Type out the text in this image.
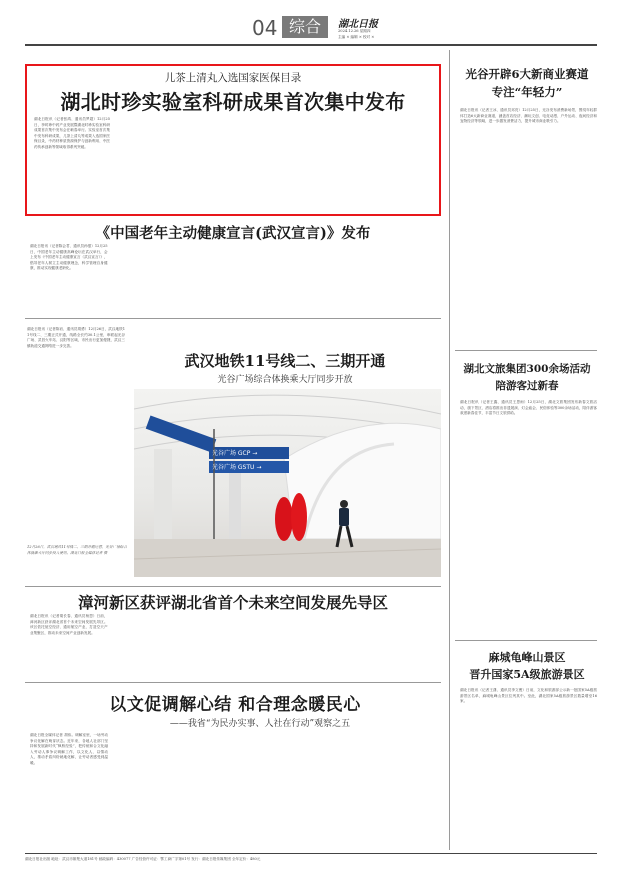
04 综合	湖北日报
2024.12.26 星期四
主编 × 编辑 × 校对 ×
儿茶上清丸入选国家医保目录
湖北时珍实验室科研成果首次集中发布
湖北日报讯（记者张鸿、通讯员罗超）12月25日，李时珍中药产业发展暨湖北时珍实验室科研成果首次集中发布会在蕲春举行。实验室首次集中发布科研成果，儿茶上清丸等成果入选国家医保目录，中药材种质资源保护与创新利用、中医药传承创新等领域取得系列突破。
《中国老年主动健康宣言(武汉宣言)》发布
湖北日报讯（记者陈会君、通讯员孙强）12月25日，中国老年主动健康高峰论坛在武汉举行，会上发布《中国老年主动健康宣言（武汉宣言）》，倡导老年人树立主动健康理念，科学管理自身健康，推动实现健康老龄化。
湖北日报讯（记者陈岩、通讯员胡勇）12月26日，武汉地铁11号线二、三期正式开通，线路全长约30.1公里，串联起光谷广场、武昌火车站、汉阳等区域，市民出行更加便捷，武汉三镇轨道交通网络进一步完善。
武汉地铁11号线二、三期开通
光谷广场综合体换乘大厅同步开放
光谷广场 GCP →
光谷广场 GSTU →
12月26日，武汉地铁11号线二、三期开通运营，光谷广场综合体换乘大厅同步投入使用。湖北日报全媒体记者 摄
漳河新区获评湖北省首个未来空间发展先导区
湖北日报讯（记者胡长春、通讯员杨思）日前，漳河新区获评湖北省首个未来空间发展先导区。该区依托低空经济、通用航空产业，打造空天产业集聚区，推动未来空间产业创新发展。
以文促调解心结 和合理念暖民心
——我省“为民办实事、人社在行动”观察之五
湖北日报全媒体记者 胡伟。调解室里，一场劳动争议化解在萌芽状态。近年来，各地人社部门坚持和发展新时代“枫桥经验”，把传统和合文化融入劳动人事争议调解工作，以文化人、以情动人，推动矛盾纠纷就地化解，让劳动者感受到温暖。
光谷开辟6大新商业赛道
专注“年轻力”
湖北日报讯（记者王冰、通讯员邓亮）12月25日，光谷发布消费新场景，围绕年轻群体打造6大新商业赛道，涵盖首店经济、潮玩文创、电竞动漫、户外运动、夜间经济和宠物经济等领域，进一步激发消费活力，提升城市商业吸引力。
湖北文旅集团300余场活动
陪游客过新春
湖北日报讯（记者王鑫、通讯员王思雨）12月25日，湖北文旅集团发布新春文旅活动，旗下景区、酒店将推出非遗展演、灯会庙会、民俗体验等300余场活动，陪伴游客欢度新春佳节，丰富节日文旅供给。
麻城龟峰山景区
晋升国家5A级旅游景区
湖北日报讯（记者王潇、通讯员李文俊）日前，文化和旅游部公示新一批国家5A级旅游景区名单，麻城龟峰山景区位列其中。至此，湖北国家5A级旅游景区数量增至16家。
湖北日报社出版 地址：武汉市雄楚大道181号 邮政编码：430077 广告经营许可证：鄂工商广字第01号 发行：湖北日报传媒集团 全年定价：480元
